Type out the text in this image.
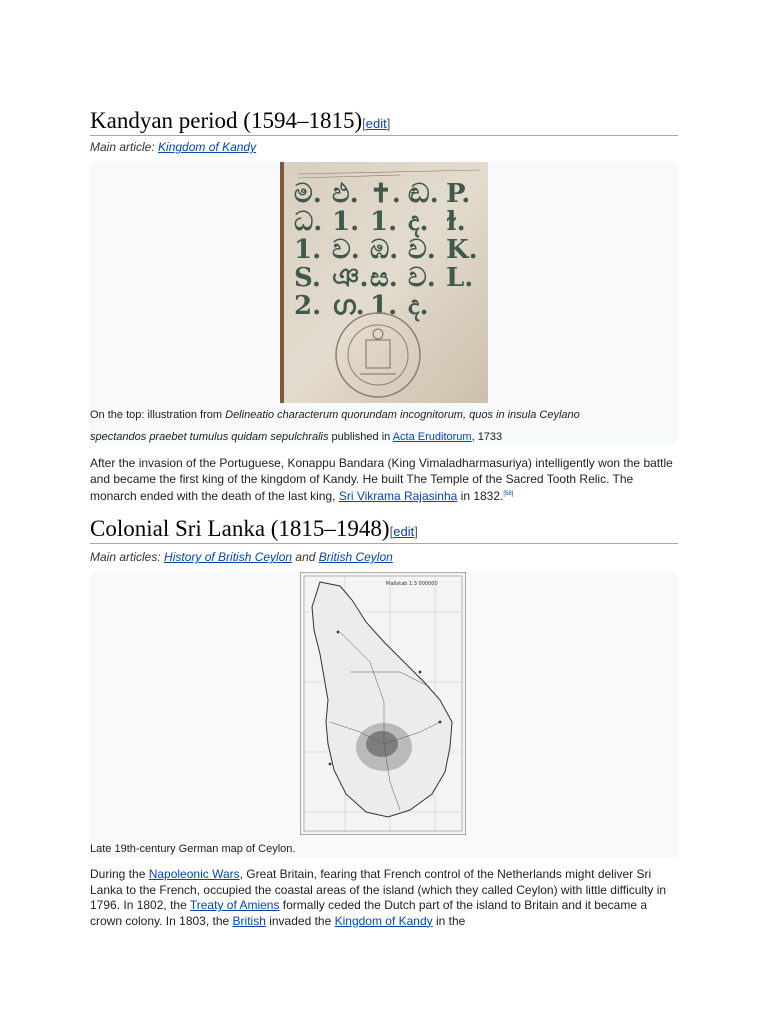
Kandyan period (1594–1815)[edit]
Main article: Kingdom of Kandy
ම. ඵ. ✝. ඬ. P.
ධ. 1. 1. ද. ɫ.
1. ව. ඹ. ව. K.
S. ঞ. ස. ව. L.
2. ഗ. 1. ද.
On the top: illustration from Delineatio characterum quorundam incognitorum, quos in insula Ceylano
spectandos praebet tumulus quidam sepulchralis published in Acta Eruditorum, 1733
After the invasion of the Portuguese, Konappu Bandara (King Vimaladharmasuriya) intelligently won the battle and became the first king of the kingdom of Kandy. He built The Temple of the Sacred Tooth Relic. The monarch ended with the death of the last king, Sri Vikrama Rajasinha in 1832.[58]
Colonial Sri Lanka (1815–1948)[edit]
Main articles: History of British Ceylon and British Ceylon
Maßstab 1:3 000000
Late 19th-century German map of Ceylon.
During the Napoleonic Wars, Great Britain, fearing that French control of the Netherlands might deliver Sri Lanka to the French, occupied the coastal areas of the island (which they called Ceylon) with little difficulty in 1796. In 1802, the Treaty of Amiens formally ceded the Dutch part of the island to Britain and it became a crown colony. In 1803, the British invaded the Kingdom of Kandy in the
